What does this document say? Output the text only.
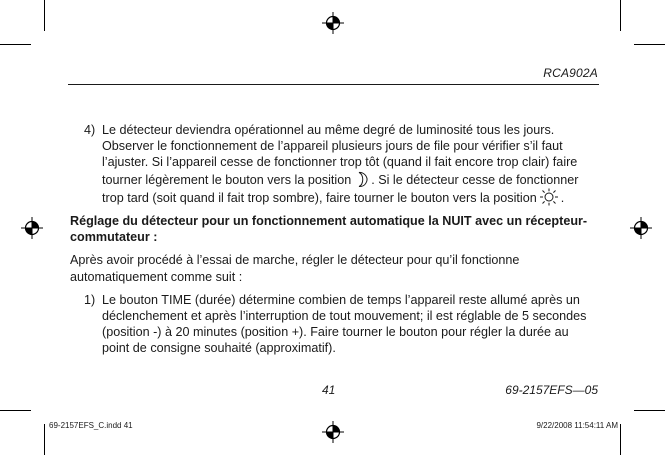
RCA902A
4) Le détecteur deviendra opérationnel au même degré de luminosité tous les jours. Observer le fonctionnement de l’appareil plusieurs jours de file pour vérifier s’il faut l’ajuster. Si l’appareil cesse de fonctionner trop tôt (quand il fait encore trop clair) faire tourner légèrement le bouton vers la position . Si le détecteur cesse de fonctionner trop tard (soit quand il fait trop sombre), faire tourner le bouton vers la position .
Réglage du détecteur pour un fonctionnement automatique la NUIT avec un récepteur-commutateur :
Après avoir procédé à l’essai de marche, régler le détecteur pour qu’il fonctionne automatiquement comme suit :
1) Le bouton TIME (durée) détermine combien de temps l’appareil reste allumé après un déclenchement et après l’interruption de tout mouvement; il est réglable de 5 secondes (position -) à 20 minutes (position +). Faire tourner le bouton pour régler la durée au point de consigne souhaité (approximatif).
41	69-2157EFS—05
69-2157EFS_C.indd 41	9/22/2008 11:54:11 AM
